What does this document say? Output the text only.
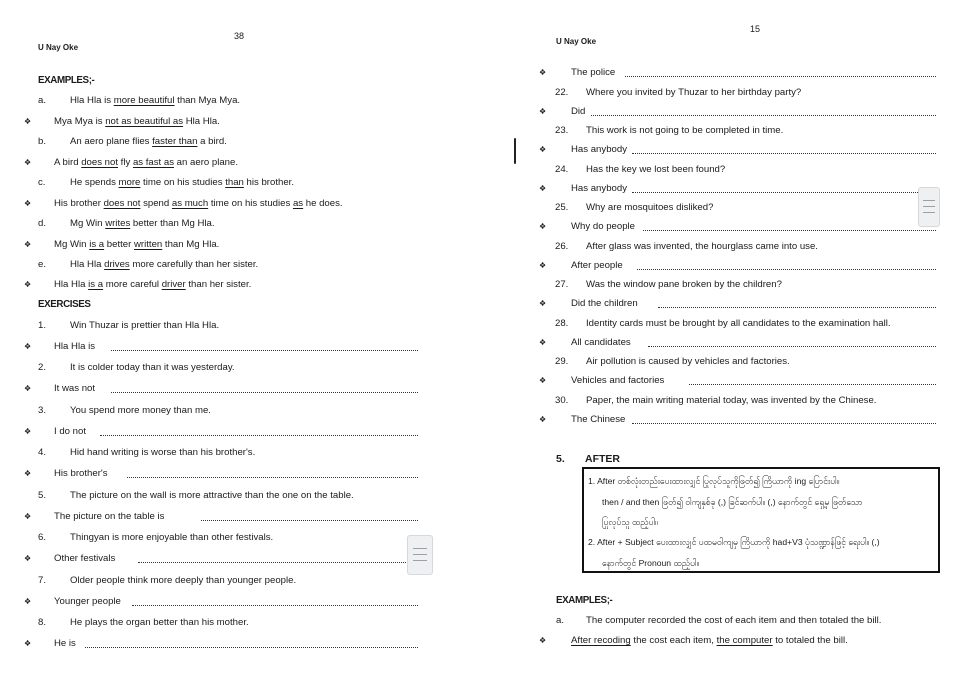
38
U Nay Oke
EXAMPLES;-
a. Hla Hla is more beautiful than Mya Mya.
❖ Mya Mya is not as beautiful as Hla Hla.
b. An aero plane flies faster than a bird.
❖ A bird does not fly as fast as an aero plane.
c.	He spends more time on his studies than his brother.
❖ His brother does not spend as much time on his studies as he does.
d. Mg Win writes better than Mg Hla.
❖ Mg Win is a better written than Mg Hla.
e. Hla Hla drives more carefully than her sister.
❖ Hla Hla is a more careful driver than her sister.
EXERCISES
1. Win Thuzar is prettier than Hla Hla.
❖ Hla Hla is
2. It is colder today than it was yesterday.
❖ It was not
3. You spend more money than me.
❖ I do not
4. Hid hand writing is worse than his brother's.
❖ His brother's
5. The picture on the wall is more attractive than the one on the table.
❖ The picture on the table is
6. Thingyan is more enjoyable than other festivals.
❖ Other festivals
7. Older people think more deeply than younger people.
❖ Younger people
8. He plays the organ better than his mother.
❖ He is
15
U Nay Oke
❖	The police
22. Where you invited by Thuzar to her birthday party?
❖	Did
23. This work is not going to be completed in time.
❖	Has anybody
24. Has the key we lost been found?
❖	Has anybody
25. Why are mosquitoes disliked?
❖	Why do people
26. After glass was invented, the hourglass came into use.
❖	After people
27. Was the window pane broken by the children?
❖	Did the children
28. Identity cards must be brought by all candidates to the examination hall.
❖	All candidates
29. Air pollution is caused by vehicles and factories.
❖	Vehicles and factories
30. Paper, the main writing material today, was invented by the Chinese.
❖	The Chinese
5. AFTER
1. After တစ်လုံးတည်းပေးထားလျှင် ပြုလုပ်သူကိုဖြတ်၍ ကြိယာကို ing ပြောင်းပါ။
then / and then ဖြတ်၍ ဝါကျနှစ်ခု (,) ခြင်ဆက်ပါ။ (,) နောက်တွင် ရှေ့မှ ဖြတ်သော
ပြုလုပ်သူ ထည့်ပါ။
2. After + Subject ပေးထားလျှင် ပထမဝါကျမှ ကြိယာကို had+V3 ပုံသဏ္ဍာန်ဖြင့် ရေးပါ။ (,)
နောက်တွင် Pronoun ထည့်ပါ။
EXAMPLES;-
a. The computer recorded the cost of each item and then totaled the bill.
❖	After recoding the cost each item, the computer to totaled the bill.
